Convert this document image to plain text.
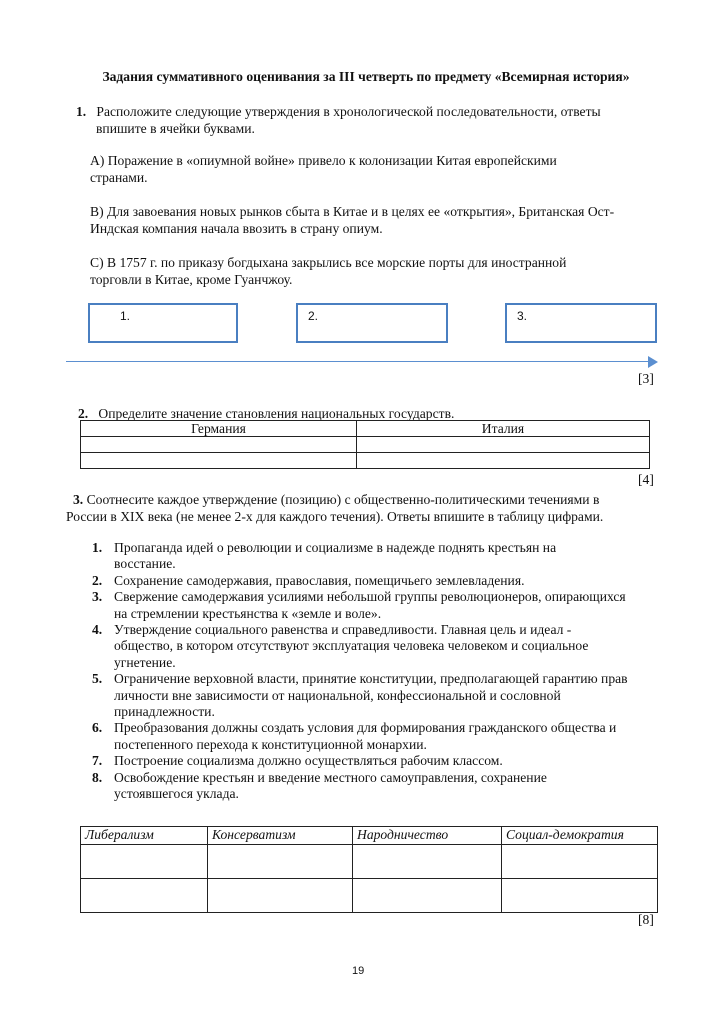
Задания суммативного оценивания за III четверть по предмету «Всемирная история»
1. Расположите следующие утверждения в хронологической последовательности, ответы
впишите в ячейки буквами.
А) Поражение в «опиумной войне» привело к колонизации Китая европейскими
странами.
В) Для завоевания новых рынков сбыта в Китае и в целях ее «открытия», Британская Ост-
Индская компания начала ввозить в страну опиум.
С) В 1757 г. по приказу богдыхана закрылись все морские порты для иностранной
торговли в Китае, кроме Гуанчжоу.
1.	2.	3.
[3]
2. Определите значение становления национальных государств.
Германия	Италия

[4]
3. Соотнесите каждое утверждение (позицию) с общественно-политическими течениями в
России в XIX века (не менее 2-х для каждого течения). Ответы впишите в таблицу цифрами.
1. Пропаганда идей о революции и социализме в надежде поднять крестьян на
восстание.
2. Сохранение самодержавия, православия, помещичьего землевладения.
3. Свержение самодержавия усилиями небольшой группы революционеров, опирающихся
на стремлении крестьянства к «земле и воле».
4. Утверждение социального равенства и справедливости. Главная цель и идеал -
общество, в котором отсутствуют эксплуатация человека человеком и социальное
угнетение.
5. Ограничение верховной власти, принятие конституции, предполагающей гарантию прав
личности вне зависимости от национальной, конфессиональной и сословной
принадлежности.
6. Преобразования должны создать условия для формирования гражданского общества и
постепенного перехода к конституционной монархии.
7. Построение социализма должно осуществляться рабочим классом.
8. Освобождение крестьян и введение местного самоуправления, сохранение
устоявшегося уклада.
Либерализм	Консерватизм	Народничество	Социал-демократия

[8]
19
